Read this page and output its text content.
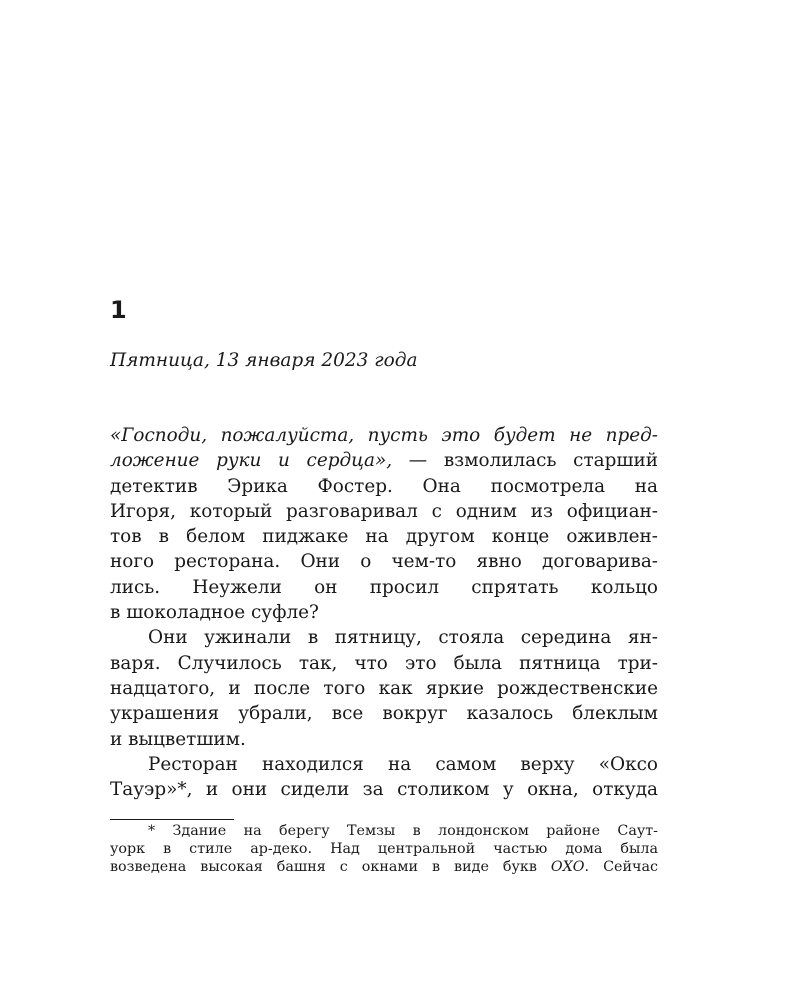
1
Пятница, 13 января 2023 года
«Господи, пожалуйста, пусть это будет не пред-
ложение руки и сердца», — взмолилась старший
детектив Эрика Фостер. Она посмотрела на
Игоря, который разговаривал с одним из официан-
тов в белом пиджаке на другом конце оживлен-
ного ресторана. Они о чем-то явно договарива-
лись. Неужели он просил спрятать кольцо
в шоколадное суфле?
Они ужинали в пятницу, стояла середина ян-
варя. Случилось так, что это была пятница три-
надцатого, и после того как яркие рождественские
украшения убрали, все вокруг казалось блеклым
и выцветшим.
Ресторан находился на самом верху «Оксо
Тауэр»*, и они сидели за столиком у окна, откуда
* Здание на берегу Темзы в лондонском районе Саут-
уорк в стиле ар-деко. Над центральной частью дома была
возведена высокая башня с окнами в виде букв ОХО. Сейчас
